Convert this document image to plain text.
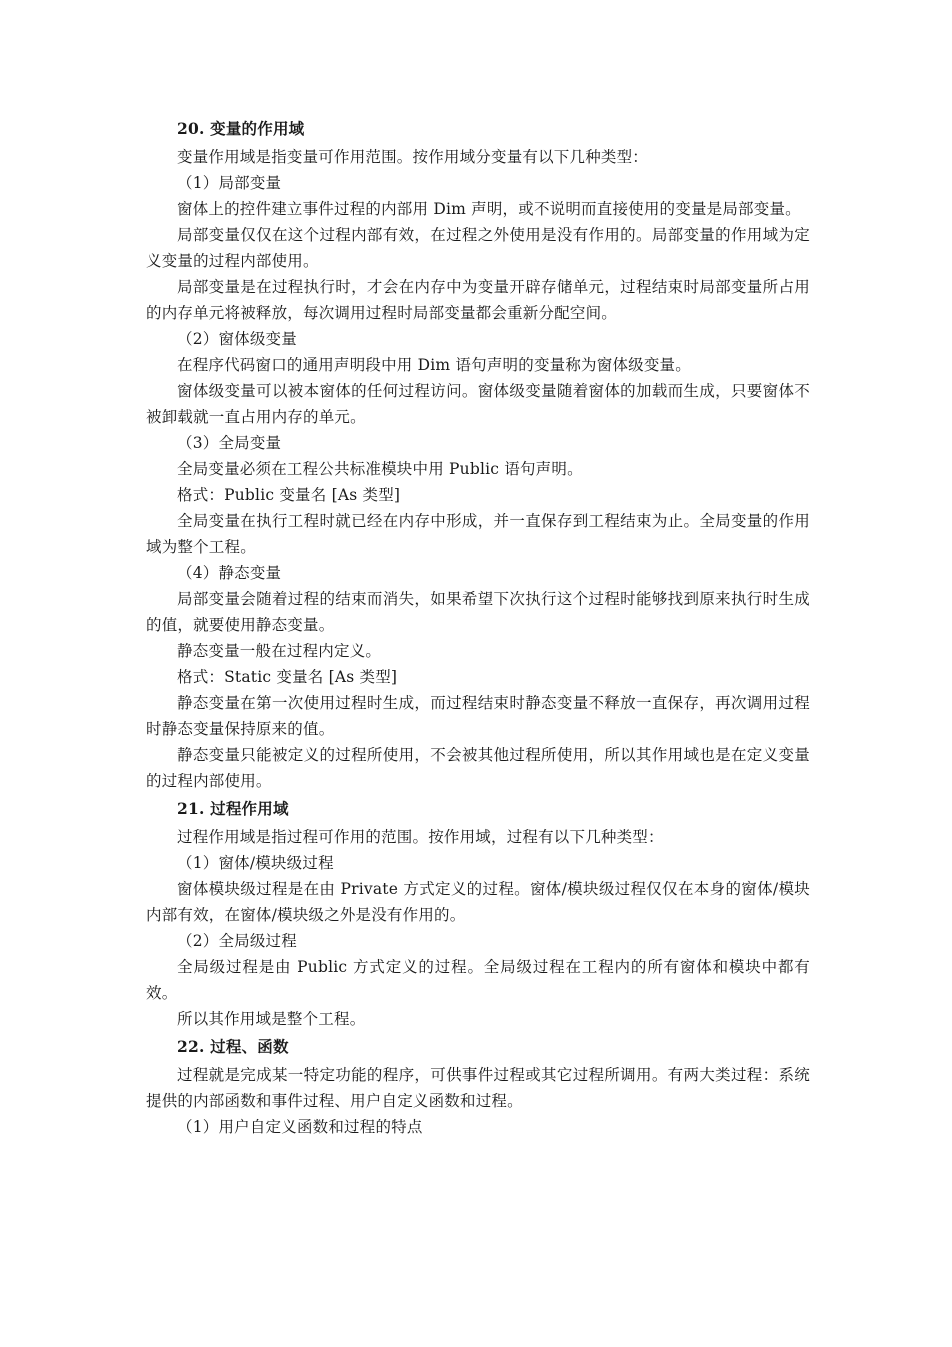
20. 变量的作用域

变量作用域是指变量可作用范围。按作用域分变量有以下几种类型：

（1）局部变量

窗体上的控件建立事件过程的内部用 Dim 声明，或不说明而直接使用的变量是局部变量。

局部变量仅仅在这个过程内部有效，在过程之外使用是没有作用的。局部变量的作用域为定义变量的过程内部使用。

局部变量是在过程执行时，才会在内存中为变量开辟存储单元，过程结束时局部变量所占用的内存单元将被释放，每次调用过程时局部变量都会重新分配空间。

（2）窗体级变量

在程序代码窗口的通用声明段中用 Dim 语句声明的变量称为窗体级变量。

窗体级变量可以被本窗体的任何过程访问。窗体级变量随着窗体的加载而生成，只要窗体不被卸载就一直占用内存的单元。

（3）全局变量

全局变量必须在工程公共标准模块中用 Public 语句声明。

格式：Public 变量名 [As 类型]

全局变量在执行工程时就已经在内存中形成，并一直保存到工程结束为止。全局变量的作用域为整个工程。

（4）静态变量

局部变量会随着过程的结束而消失，如果希望下次执行这个过程时能够找到原来执行时生成的值，就要使用静态变量。

静态变量一般在过程内定义。

格式：Static 变量名 [As 类型]

静态变量在第一次使用过程时生成，而过程结束时静态变量不释放一直保存，再次调用过程时静态变量保持原来的值。

静态变量只能被定义的过程所使用，不会被其他过程所使用，所以其作用域也是在定义变量的过程内部使用。

21. 过程作用域

过程作用域是指过程可作用的范围。按作用域，过程有以下几种类型：

（1）窗体/模块级过程

窗体模块级过程是在由 Private 方式定义的过程。窗体/模块级过程仅仅在本身的窗体/模块内部有效，在窗体/模块级之外是没有作用的。

（2）全局级过程

全局级过程是由 Public 方式定义的过程。全局级过程在工程内的所有窗体和模块中都有效。

所以其作用域是整个工程。

22. 过程、函数

过程就是完成某一特定功能的程序，可供事件过程或其它过程所调用。有两大类过程：系统提供的内部函数和事件过程、用户自定义函数和过程。

（1）用户自定义函数和过程的特点
